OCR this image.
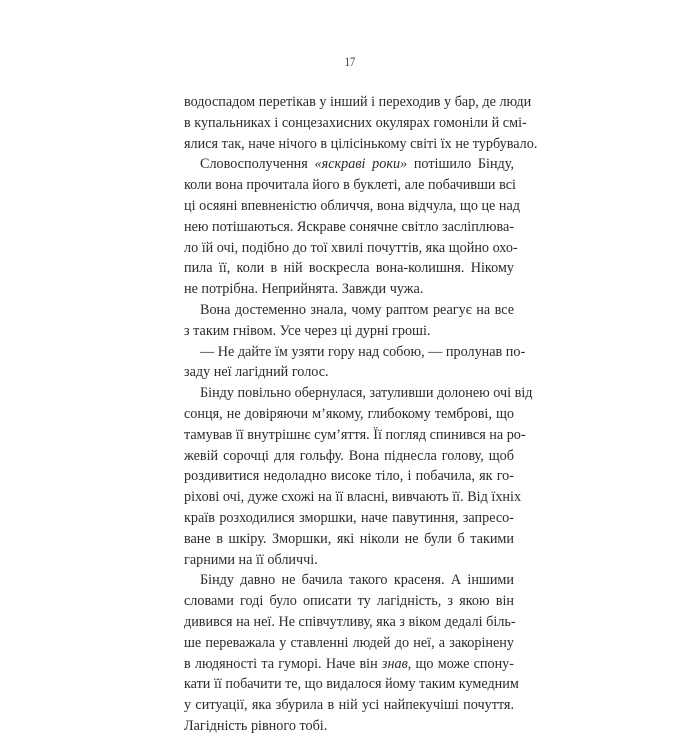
17
водоспадом перетікав у інший і переходив у бар, де люди
в купальниках і сонцезахисних окулярах гомоніли й смі-
ялися так, наче нічого в цілісінькому світі їх не турбувало.
Словосполучення «яскраві роки» потішило Бінду,
коли вона прочитала його в буклеті, але побачивши всі
ці осяяні впевненістю обличчя, вона відчула, що це над
нею потішаються. Яскраве сонячне світло засліплюва-
ло їй очі, подібно до тої хвилі почуттів, яка щойно охо-
пила її, коли в ній воскресла вона-колишня. Нікому
не потрібна. Неприйнята. Завжди чужа.
Вона достеменно знала, чому раптом реагує на все
з таким гнівом. Усе через ці дурні гроші.
— Не дайте їм узяти гору над собою, — пролунав по-
заду неї лагідний голос.
Бінду повільно обернулася, затуливши долонею очі від
сонця, не довіряючи м’якому, глибокому темброві, що
тамував її внутрішнє сум’яття. Її погляд спинився на ро-
жевій сорочці для гольфу. Вона піднесла голову, щоб
роздивитися недоладно високе тіло, і побачила, як го-
ріхові очі, дуже схожі на її власні, вивчають її. Від їхніх
країв розходилися зморшки, наче павутиння, запресо-
ване в шкіру. Зморшки, які ніколи не були б такими
гарними на її обличчі.
Бінду давно не бачила такого красеня. А іншими
словами годі було описати ту лагідність, з якою він
дивився на неї. Не співчутливу, яка з віком дедалі біль-
ше переважала у ставленні людей до неї, а закорінену
в людяності та гуморі. Наче він знав, що може спону-
кати її побачити те, що видалося йому таким кумедним
у ситуації, яка збурила в ній усі найпекучіші почуття.
Лагідність рівного тобі.
